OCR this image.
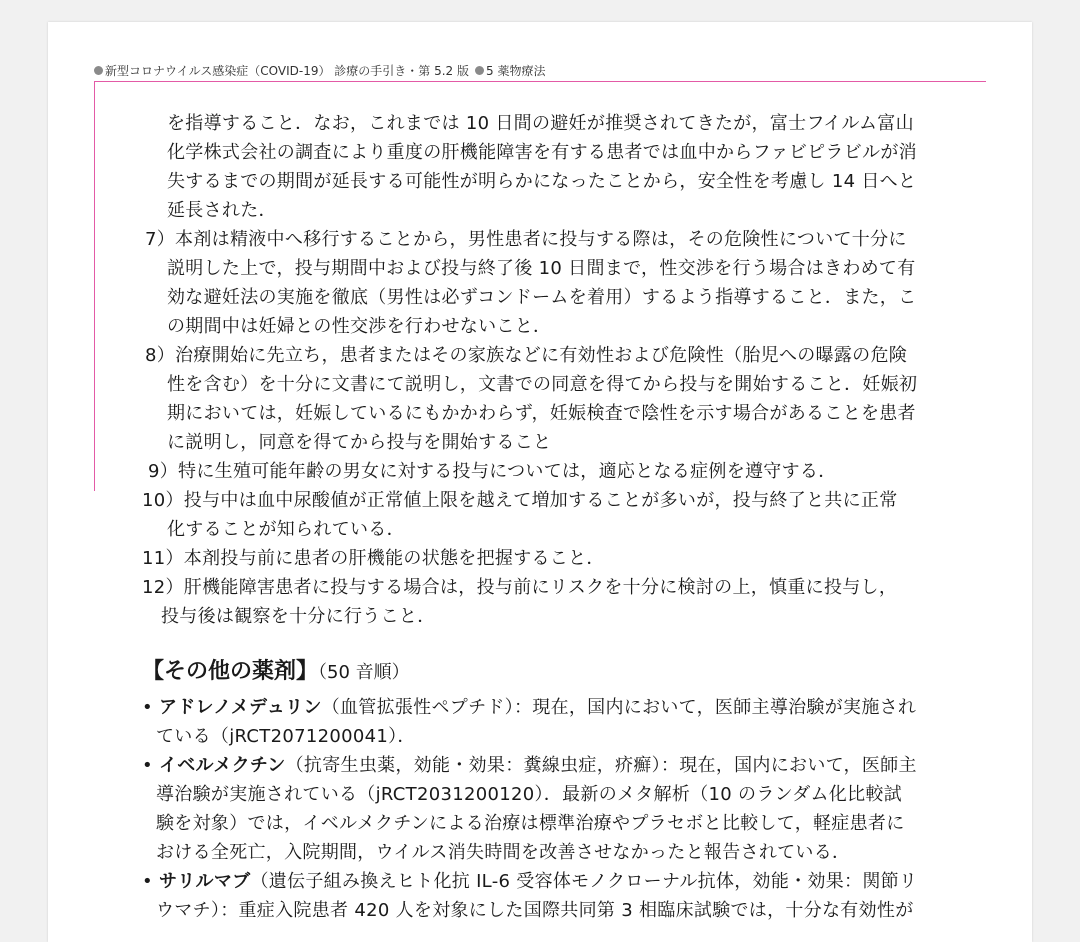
新型コロナウイルス感染症（COVID-19） 診療の手引き・第 5.2 版 5 薬物療法
を指導すること．なお，これまでは 10 日間の避妊が推奨されてきたが，富士フイルム富山
化学株式会社の調査により重度の肝機能障害を有する患者では血中からファビピラビルが消
失するまでの期間が延長する可能性が明らかになったことから，安全性を考慮し 14 日へと
延長された．
7）本剤は精液中へ移行することから，男性患者に投与する際は，その危険性について十分に
説明した上で，投与期間中および投与終了後 10 日間まで，性交渉を行う場合はきわめて有
効な避妊法の実施を徹底（男性は必ずコンドームを着用）するよう指導すること．また，こ
の期間中は妊婦との性交渉を行わせないこと．
8）治療開始に先立ち，患者またはその家族などに有効性および危険性（胎児への曝露の危険
性を含む）を十分に文書にて説明し，文書での同意を得てから投与を開始すること．妊娠初
期においては，妊娠しているにもかかわらず，妊娠検査で陰性を示す場合があることを患者
に説明し，同意を得てから投与を開始すること
9）特に生殖可能年齢の男女に対する投与については，適応となる症例を遵守する．
10）投与中は血中尿酸値が正常値上限を越えて増加することが多いが，投与終了と共に正常
化することが知られている．
11）本剤投与前に患者の肝機能の状態を把握すること．
12）肝機能障害患者に投与する場合は，投与前にリスクを十分に検討の上，慎重に投与し，
投与後は観察を十分に行うこと．
【その他の薬剤】（50 音順）
• アドレノメデュリン（血管拡張性ペプチド）：現在，国内において，医師主導治験が実施され
ている（jRCT2071200041）．
• イベルメクチン（抗寄生虫薬，効能・効果：糞線虫症，疥癬）：現在，国内において，医師主
導治験が実施されている（jRCT2031200120）．最新のメタ解析（10 のランダム化比較試
験を対象）では，イベルメクチンによる治療は標準治療やプラセボと比較して，軽症患者に
おける全死亡，入院期間，ウイルス消失時間を改善させなかったと報告されている．
• サリルマブ（遺伝子組み換えヒト化抗 IL-6 受容体モノクローナル抗体，効能・効果：関節リ
ウマチ）：重症入院患者 420 人を対象にした国際共同第 3 相臨床試験では，十分な有効性が
